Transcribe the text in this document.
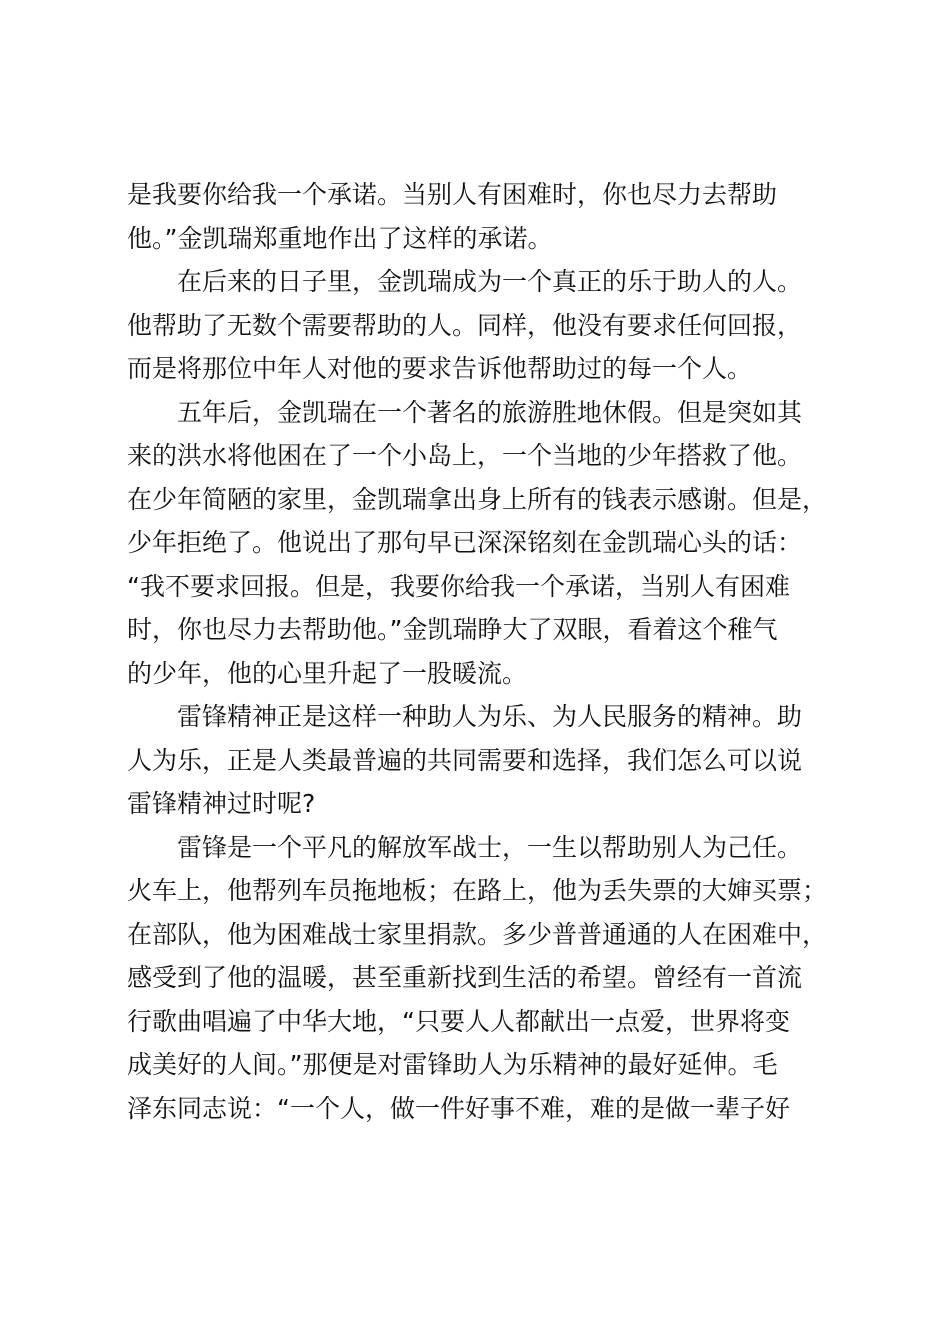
是我要你给我一个承诺。当别人有困难时，你也尽力去帮助
他。”金凯瑞郑重地作出了这样的承诺。
在后来的日子里，金凯瑞成为一个真正的乐于助人的人。
他帮助了无数个需要帮助的人。同样，他没有要求任何回报，
而是将那位中年人对他的要求告诉他帮助过的每一个人。
五年后，金凯瑞在一个著名的旅游胜地休假。但是突如其
来的洪水将他困在了一个小岛上，一个当地的少年搭救了他。
在少年简陋的家里，金凯瑞拿出身上所有的钱表示感谢。但是，
少年拒绝了。他说出了那句早已深深铭刻在金凯瑞心头的话：
“我不要求回报。但是，我要你给我一个承诺，当别人有困难
时，你也尽力去帮助他。”金凯瑞睁大了双眼，看着这个稚气
的少年，他的心里升起了一股暖流。
雷锋精神正是这样一种助人为乐、为人民服务的精神。助
人为乐，正是人类最普遍的共同需要和选择，我们怎么可以说
雷锋精神过时呢?
雷锋是一个平凡的解放军战士，一生以帮助别人为己任。
火车上，他帮列车员拖地板；在路上，他为丢失票的大婶买票；
在部队，他为困难战士家里捐款。多少普普通通的人在困难中，
感受到了他的温暖，甚至重新找到生活的希望。曾经有一首流
行歌曲唱遍了中华大地，“只要人人都献出一点爱，世界将变
成美好的人间。”那便是对雷锋助人为乐精神的最好延伸。毛
泽东同志说：“一个人，做一件好事不难，难的是做一辈子好
